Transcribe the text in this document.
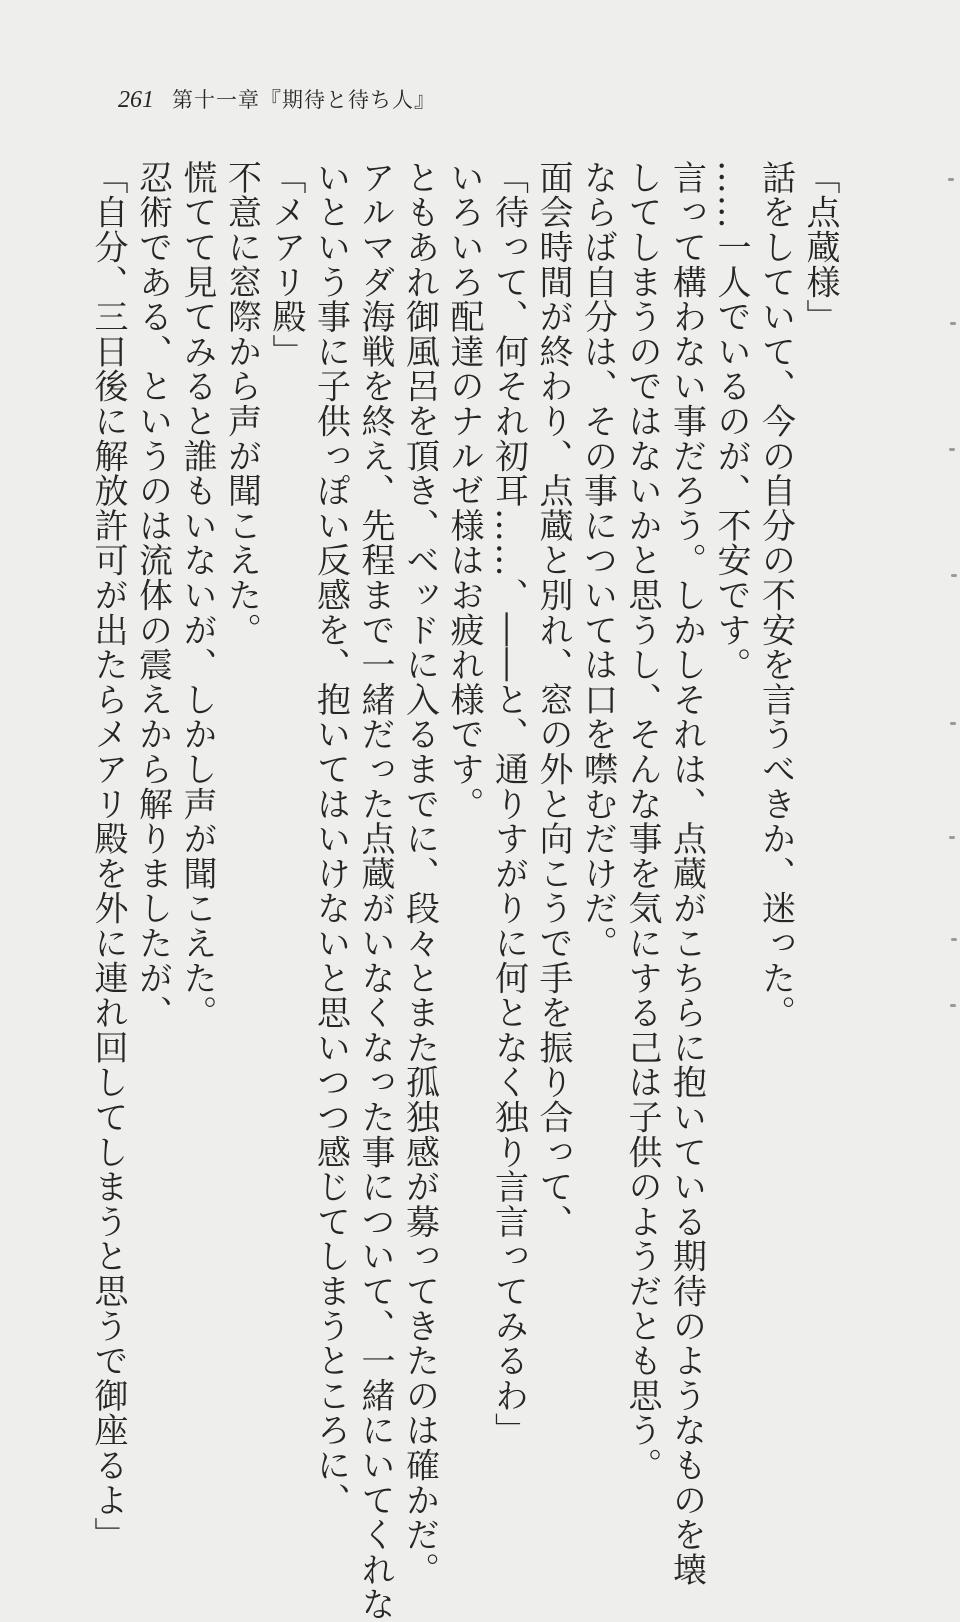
261 第十一章『期待と待ち人』

「点蔵様」

話をしていて、今の自分の不安を言うべきか、迷った。

……一人でいるのが、不安です。

言って構わない事だろう。しかしそれは、点蔵がこちらに抱いている期待のようなものを壊

してしまうのではないかと思うし、そんな事を気にする己は子供のようだとも思う。

ならば自分は、その事については口を噤むだけだ。

面会時間が終わり、点蔵と別れ、窓の外と向こうで手を振り合って、

「待って、何それ初耳……、――と、通りすがりに何となく独り言言ってみるわ」

いろいろ配達のナルゼ様はお疲れ様です。

ともあれ御風呂を頂き、ベッドに入るまでに、段々とまた孤独感が募ってきたのは確かだ。

アルマダ海戦を終え、先程まで一緒だった点蔵がいなくなった事について、一緒にいてくれな

いという事に子供っぽい反感を、抱いてはいけないと思いつつ感じてしまうところに、

「メアリ殿」

不意に窓際から声が聞こえた。

慌てて見てみると誰もいないが、しかし声が聞こえた。

忍術である、というのは流体の震えから解りましたが、

「自分、三日後に解放許可が出たらメアリ殿を外に連れ回してしまうと思うで御座るよ」
